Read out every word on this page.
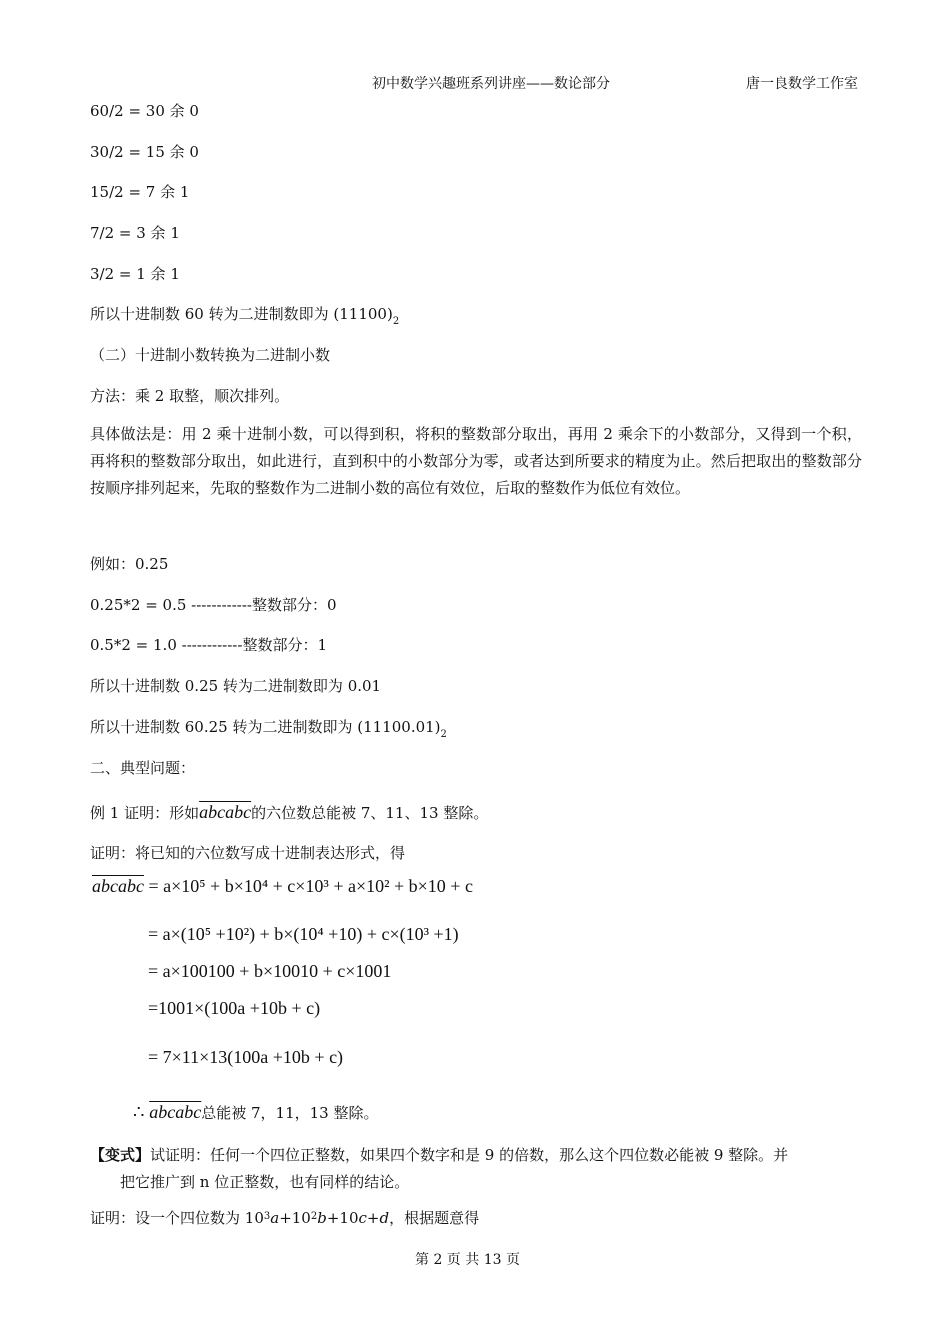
初中数学兴趣班系列讲座——数论部分	唐一良数学工作室
60/2 = 30 余 0
30/2 = 15 余 0
15/2 = 7 余 1
7/2 = 3 余 1
3/2 = 1 余 1
所以十进制数 60 转为二进制数即为 $(11100)_2$
（二）十进制小数转换为二进制小数
方法：乘 2 取整，顺次排列。
具体做法是：用 2 乘十进制小数，可以得到积，将积的整数部分取出，再用 2 乘余下的小数部分，又得到一个积，再将积的整数部分取出，如此进行，直到积中的小数部分为零，或者达到所要求的精度为止。然后把取出的整数部分按顺序排列起来，先取的整数作为二进制小数的高位有效位，后取的整数作为低位有效位。
例如：0.25
0.25*2 = 0.5 ------------整数部分：0
0.5*2 = 1.0 ------------整数部分：1
所以十进制数 0.25 转为二进制数即为 0.01
所以十进制数 60.25 转为二进制数即为 $(11100.01)_2$
二、典型问题：
例 1 证明：形如abcabc的六位数总能被 7、11、13 整除。
证明：将已知的六位数写成十进制表达形式，得
abcabc = a×10⁵ + b×10⁴ + c×10³ + a×10² + b×10 + c
= a×(10⁵ +10²) + b×(10⁴ +10) + c×(10³ +1)
= a×100100 + b×10010 + c×1001
=1001×(100a +10b + c)
= 7×11×13(100a +10b + c)
∴ abcabc总能被 7，11，13 整除。
【变式】试证明：任何一个四位正整数，如果四个数字和是 9 的倍数，那么这个四位数必能被 9 整除。并
把它推广到 n 位正整数，也有同样的结论。
证明：设一个四位数为 $10^3a+10^2b+10c+d$，根据题意得
第 2 页 共 13 页
